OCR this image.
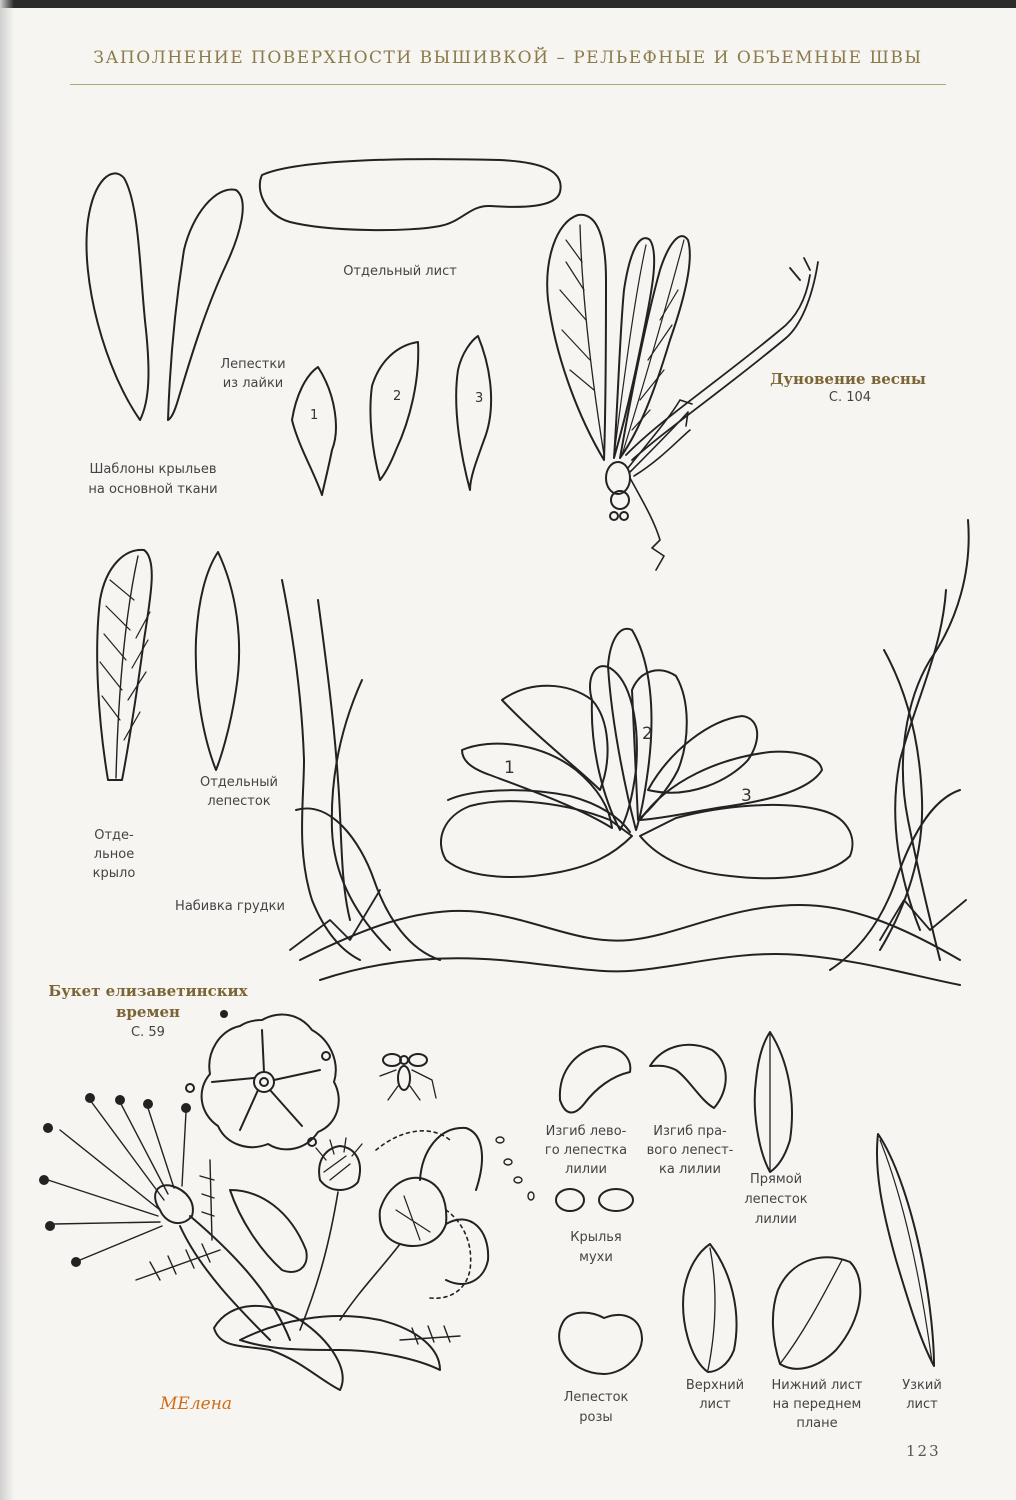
ЗАПОЛНЕНИЕ ПОВЕРХНОСТИ ВЫШИВКОЙ – РЕЛЬЕФНЫЕ И ОБЪЕМНЫЕ ШВЫ
Отдельный лист
Лепестки
из лайки
1
2	3
Шаблоны крыльев
на основной ткани
Дуновение весны
С. 104
Отдельный
лепесток
Отде-
льное
крыло
Набивка грудки
1
2
3
Букет елизаветинских
времен
С. 59
Изгиб лево-
го лепестка
лилии
Изгиб пра-
вого лепест-
ка лилии
Прямой
лепесток
лилии
Крылья
мухи
Лепесток
розы
Верхний
лист
Нижний лист
на переднем
плане
Узкий
лист
МЕлена
123
